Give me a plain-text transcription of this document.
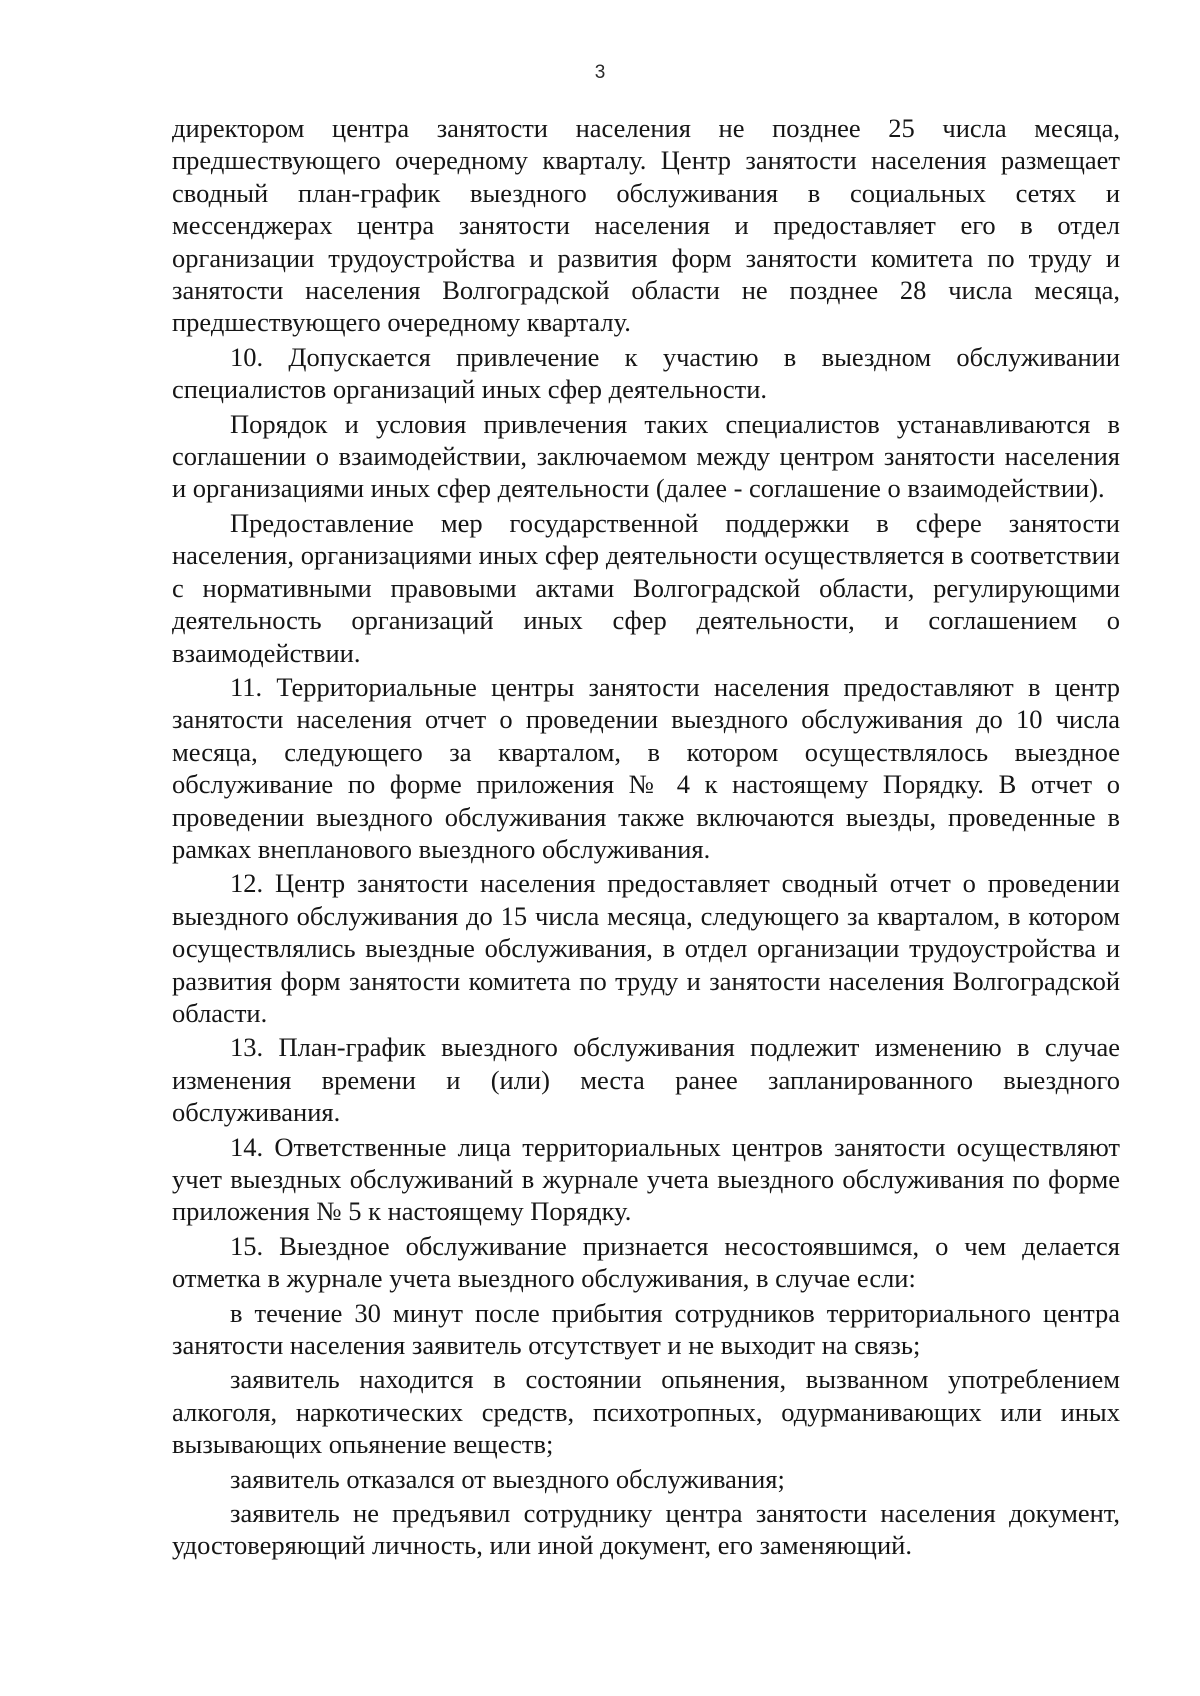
3

директором центра занятости населения не позднее 25 числа месяца, предшествующего очередному кварталу. Центр занятости населения размещает сводный план-график выездного обслуживания в социальных сетях и мессенджерах центра занятости населения и предоставляет его в отдел организации трудоустройства и развития форм занятости комитета по труду и занятости населения Волгоградской области не позднее 28 числа месяца, предшествующего очередному кварталу.

10. Допускается привлечение к участию в выездном обслуживании специалистов организаций иных сфер деятельности.

Порядок и условия привлечения таких специалистов устанавливаются в соглашении о взаимодействии, заключаемом между центром занятости населения и организациями иных сфер деятельности (далее - соглашение о взаимодействии).

Предоставление мер государственной поддержки в сфере занятости населения, организациями иных сфер деятельности осуществляется в соответствии с нормативными правовыми актами Волгоградской области, регулирующими деятельность организаций иных сфер деятельности, и соглашением о взаимодействии.

11. Территориальные центры занятости населения предоставляют в центр занятости населения отчет о проведении выездного обслуживания до 10 числа месяца, следующего за кварталом, в котором осуществлялось выездное обслуживание по форме приложения № 4 к настоящему Порядку. В отчет о проведении выездного обслуживания также включаются выезды, проведенные в рамках внепланового выездного обслуживания.

12. Центр занятости населения предоставляет сводный отчет о проведении выездного обслуживания до 15 числа месяца, следующего за кварталом, в котором осуществлялись выездные обслуживания, в отдел организации трудоустройства и развития форм занятости комитета по труду и занятости населения Волгоградской области.

13. План-график выездного обслуживания подлежит изменению в случае изменения времени и (или) места ранее запланированного выездного обслуживания.

14. Ответственные лица территориальных центров занятости осуществляют учет выездных обслуживаний в журнале учета выездного обслуживания по форме приложения № 5 к настоящему Порядку.

15. Выездное обслуживание признается несостоявшимся, о чем делается отметка в журнале учета выездного обслуживания, в случае если:

в течение 30 минут после прибытия сотрудников территориального центра занятости населения заявитель отсутствует и не выходит на связь;

заявитель находится в состоянии опьянения, вызванном употреблением алкоголя, наркотических средств, психотропных, одурманивающих или иных вызывающих опьянение веществ;

заявитель отказался от выездного обслуживания;

заявитель не предъявил сотруднику центра занятости населения документ, удостоверяющий личность, или иной документ, его заменяющий.
